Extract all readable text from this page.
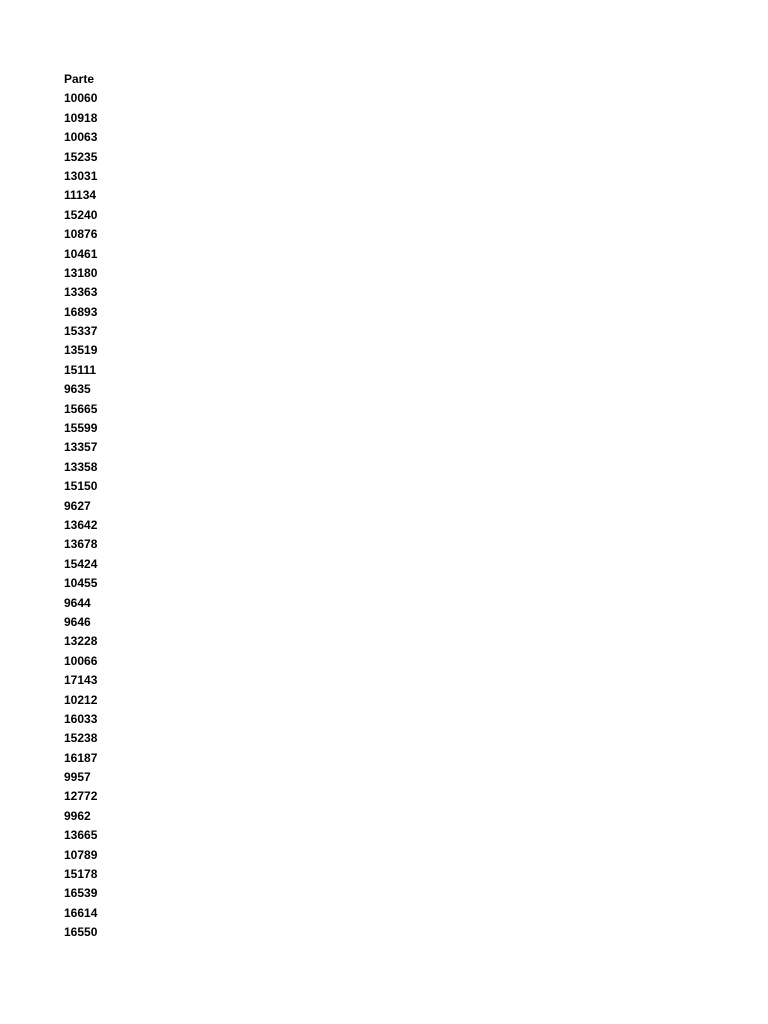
Parte
10060
10918
10063
15235
13031
11134
15240
10876
10461
13180
13363
16893
15337
13519
15111
9635
15665
15599
13357
13358
15150
9627
13642
13678
15424
10455
9644
9646
13228
10066
17143
10212
16033
15238
16187
9957
12772
9962
13665
10789
15178
16539
16614
16550
